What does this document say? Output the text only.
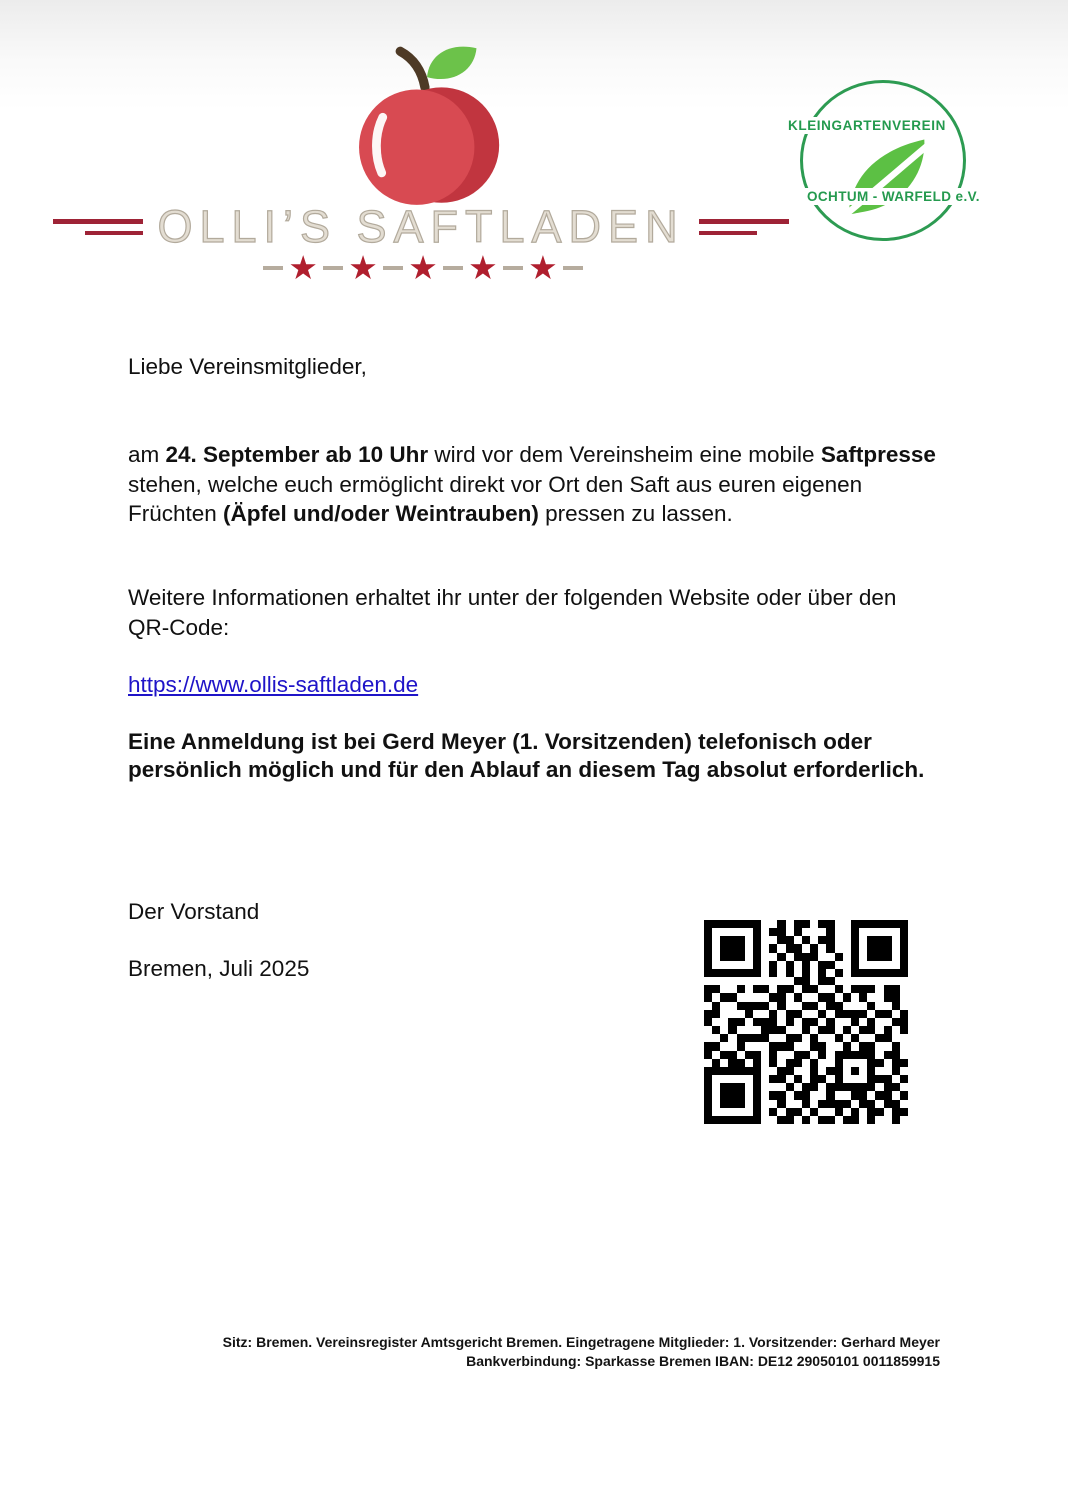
OLLI’S SAFTLADEN
★ ★ ★ ★ ★
KLEINGARTENVEREIN
OCHTUM - WARFELD e.V.
Liebe Vereinsmitglieder,
am 24. September ab 10 Uhr wird vor dem Vereinsheim eine mobile Saftpresse stehen, welche euch ermöglicht direkt vor Ort den Saft aus euren eigenen Früchten (Äpfel und/oder Weintrauben) pressen zu lassen.
Weitere Informationen erhaltet ihr unter der folgenden Website oder über den QR-Code:
https://www.ollis-saftladen.de
Eine Anmeldung ist bei Gerd Meyer (1. Vorsitzenden) telefonisch oder persönlich möglich und für den Ablauf an diesem Tag absolut erforderlich.
Der Vorstand
Bremen, Juli 2025
Sitz: Bremen. Vereinsregister Amtsgericht Bremen. Eingetragene Mitglieder: 1. Vorsitzender: Gerhard Meyer
Bankverbindung: Sparkasse Bremen IBAN: DE12 29050101 0011859915
